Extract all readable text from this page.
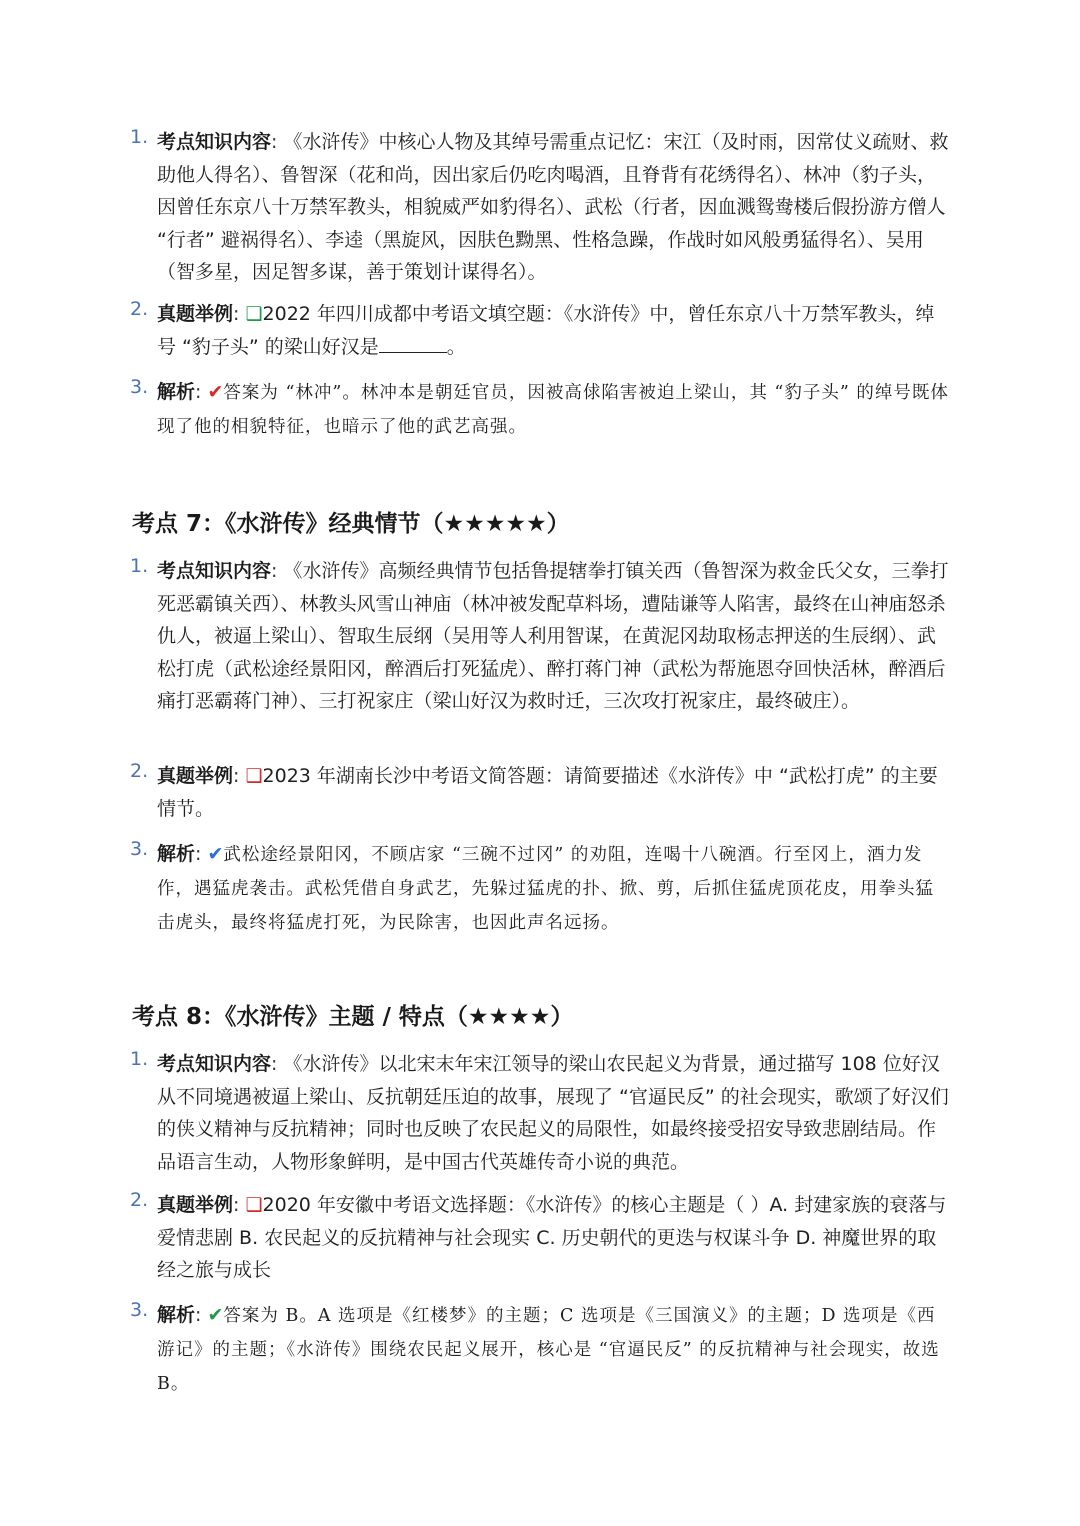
1. 考点知识内容: 《水浒传》中核心人物及其绰号需重点记忆：宋江（及时雨，因常仗义疏财、救助他人得名）、鲁智深（花和尚，因出家后仍吃肉喝酒，且脊背有花绣得名）、林冲（豹子头，因曾任东京八十万禁军教头，相貌威严如豹得名）、武松（行者，因血溅鸳鸯楼后假扮游方僧人 “行者” 避祸得名）、李逵（黑旋风，因肤色黝黑、性格急躁，作战时如风般勇猛得名）、吴用（智多星，因足智多谋，善于策划计谋得名）。
2. 真题举例: ❑2022 年四川成都中考语文填空题：《水浒传》中，曾任东京八十万禁军教头，绰号 “豹子头” 的梁山好汉是	。
3. 解析: ✔答案为 “林冲”。林冲本是朝廷官员，因被高俅陷害被迫上梁山，其 “豹子头” 的绰号既体现了他的相貌特征，也暗示了他的武艺高强。
考点 7：《水浒传》经典情节（★★★★★）
1. 考点知识内容: 《水浒传》高频经典情节包括鲁提辖拳打镇关西（鲁智深为救金氏父女，三拳打死恶霸镇关西）、林教头风雪山神庙（林冲被发配草料场，遭陆谦等人陷害，最终在山神庙怒杀仇人，被逼上梁山）、智取生辰纲（吴用等人利用智谋，在黄泥冈劫取杨志押送的生辰纲）、武松打虎（武松途经景阳冈，醉酒后打死猛虎）、醉打蒋门神（武松为帮施恩夺回快活林，醉酒后痛打恶霸蒋门神）、三打祝家庄（梁山好汉为救时迁，三次攻打祝家庄，最终破庄）。
2. 真题举例: ❑2023 年湖南长沙中考语文简答题：请简要描述《水浒传》中 “武松打虎” 的主要情节。
3. 解析: ✔武松途经景阳冈，不顾店家 “三碗不过冈” 的劝阻，连喝十八碗酒。行至冈上，酒力发作，遇猛虎袭击。武松凭借自身武艺，先躲过猛虎的扑、掀、剪，后抓住猛虎顶花皮，用拳头猛击虎头，最终将猛虎打死，为民除害，也因此声名远扬。
考点 8：《水浒传》主题 / 特点（★★★★）
1. 考点知识内容: 《水浒传》以北宋末年宋江领导的梁山农民起义为背景，通过描写 108 位好汉从不同境遇被逼上梁山、反抗朝廷压迫的故事，展现了 “官逼民反” 的社会现实，歌颂了好汉们的侠义精神与反抗精神；同时也反映了农民起义的局限性，如最终接受招安导致悲剧结局。作品语言生动，人物形象鲜明，是中国古代英雄传奇小说的典范。
2. 真题举例: ❑2020 年安徽中考语文选择题：《水浒传》的核心主题是（ ）A. 封建家族的衰落与爱情悲剧 B. 农民起义的反抗精神与社会现实 C. 历史朝代的更迭与权谋斗争 D. 神魔世界的取经之旅与成长
3. 解析: ✔答案为 B。A 选项是《红楼梦》的主题；C 选项是《三国演义》的主题；D 选项是《西游记》的主题；《水浒传》围绕农民起义展开，核心是 “官逼民反” 的反抗精神与社会现实，故选 B。
